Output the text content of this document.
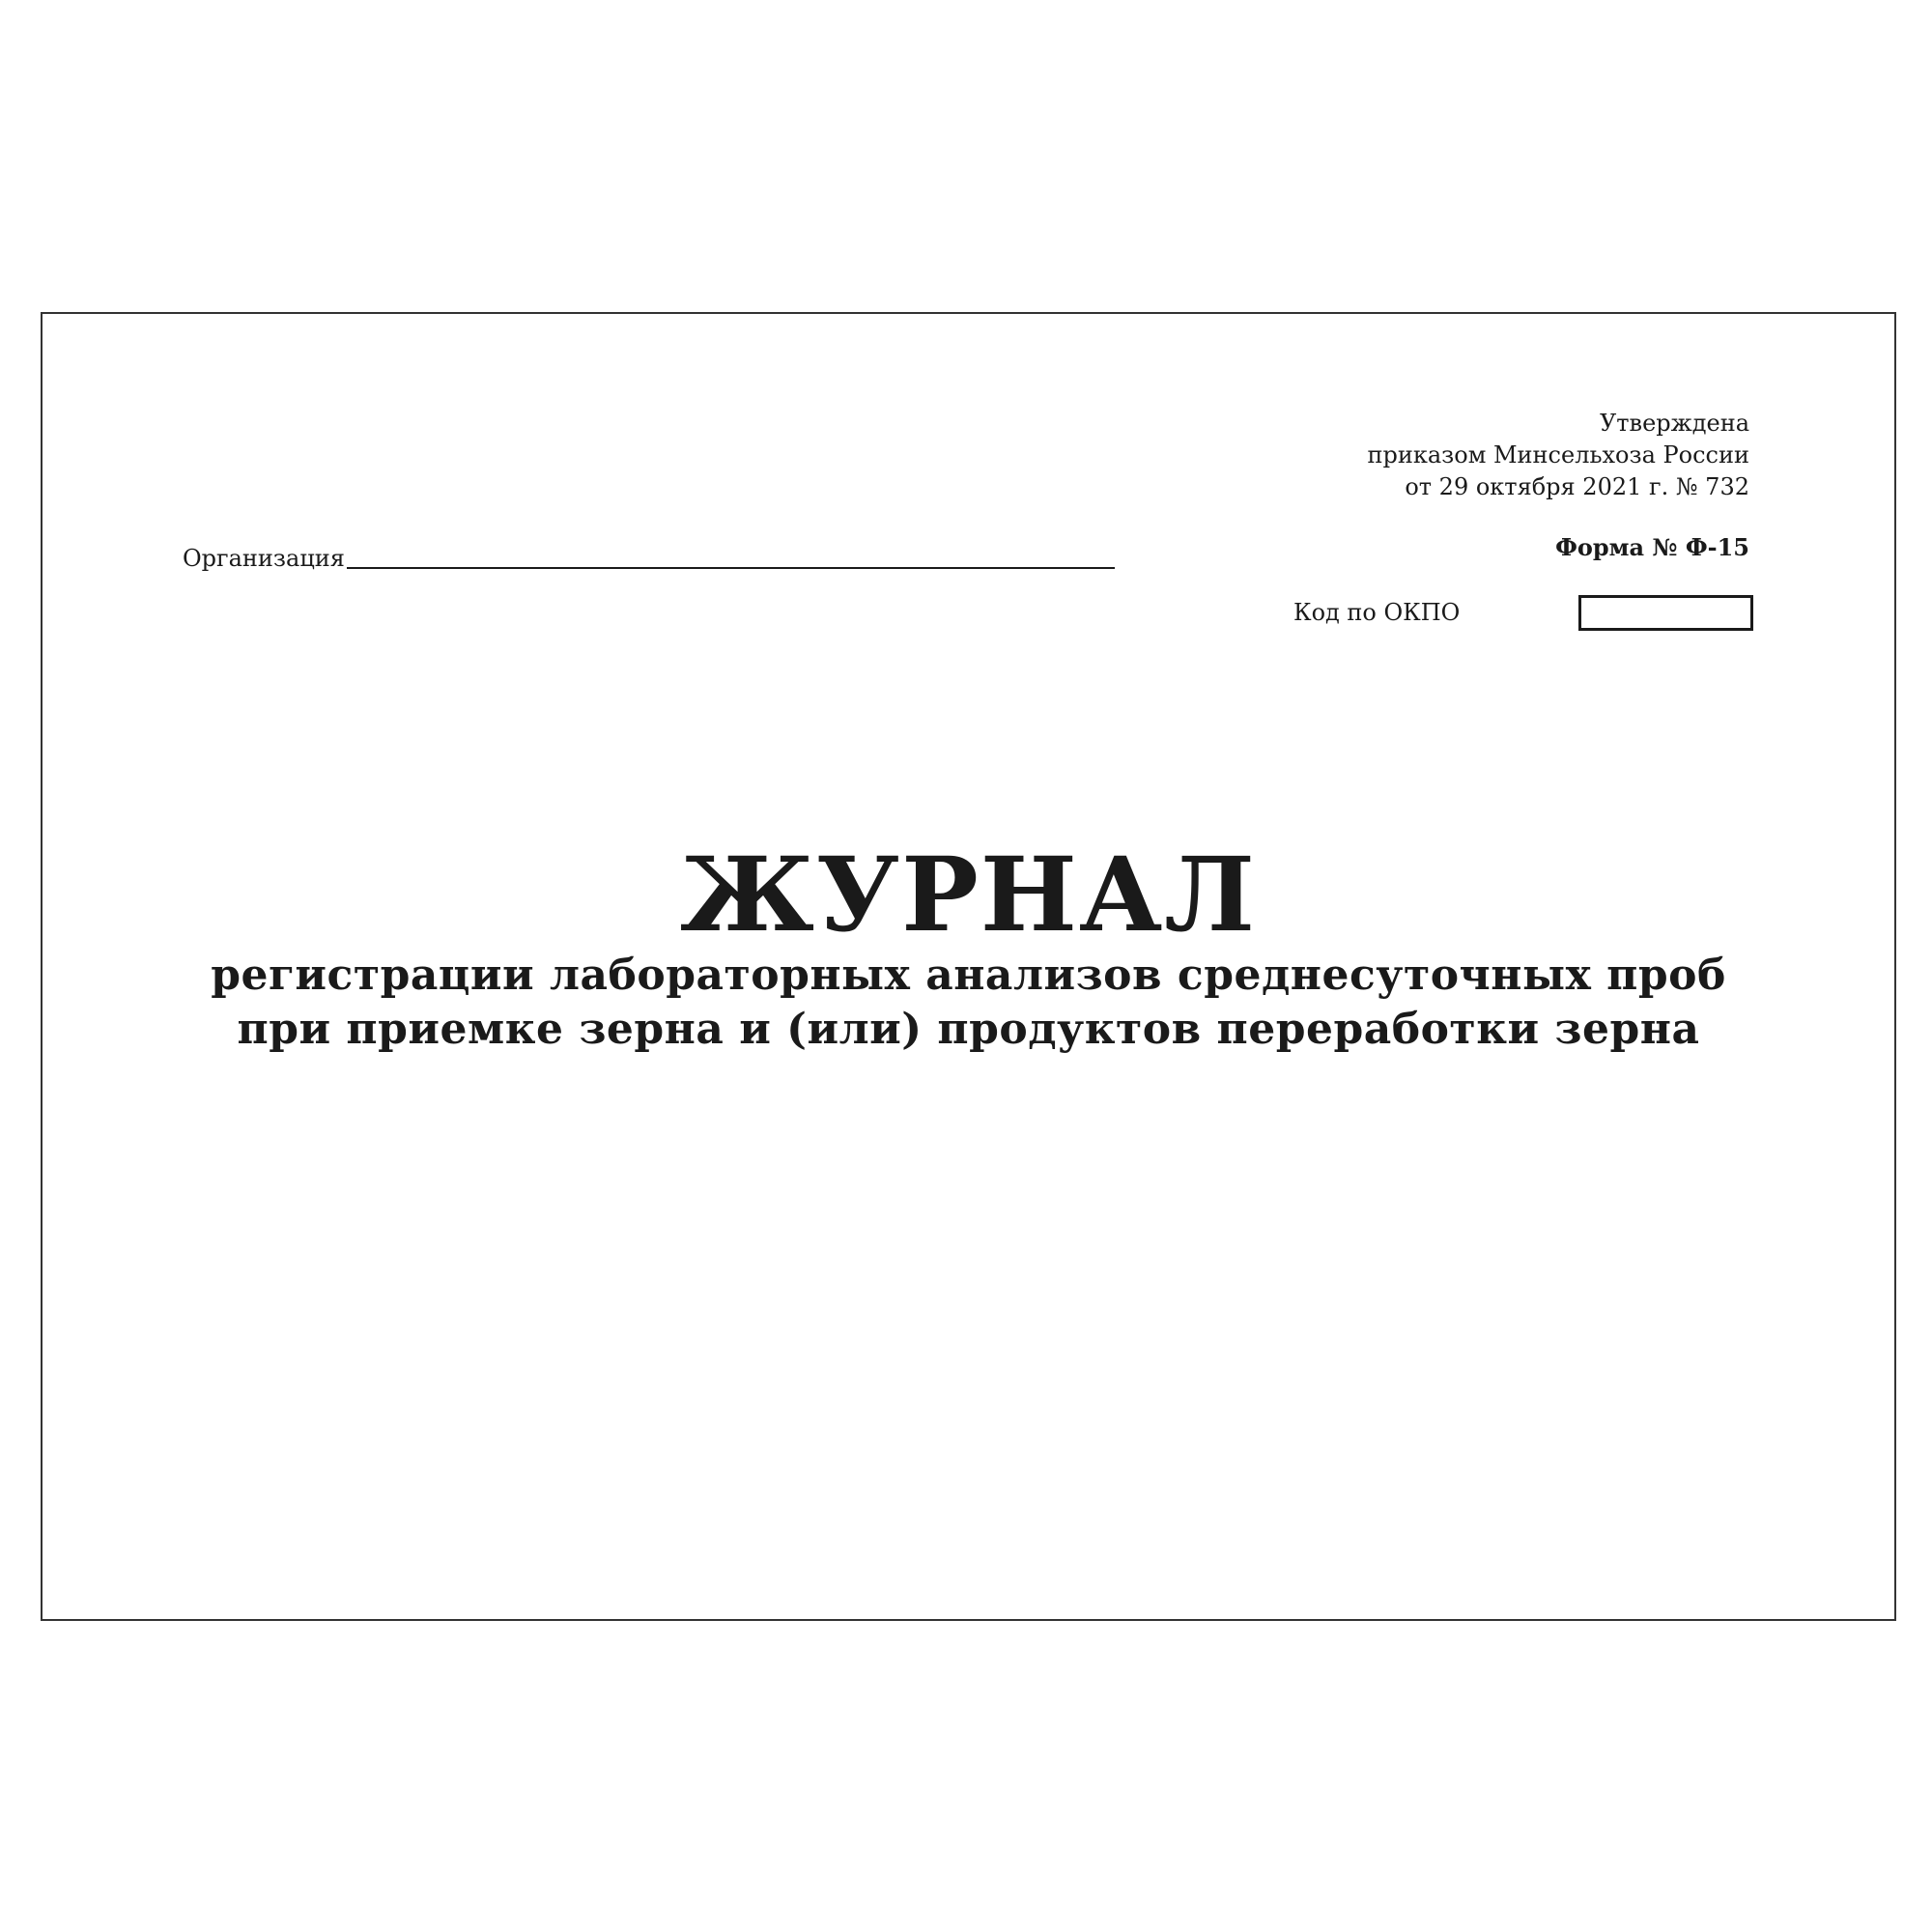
Утверждена
приказом Минсельхоза России
от 29 октября 2021 г. № 732
Форма № Ф-15
Организация
Код по ОКПО
ЖУРНАЛ
регистрации лабораторных анализов среднесуточных проб
при приемке зерна и (или) продуктов переработки зерна
